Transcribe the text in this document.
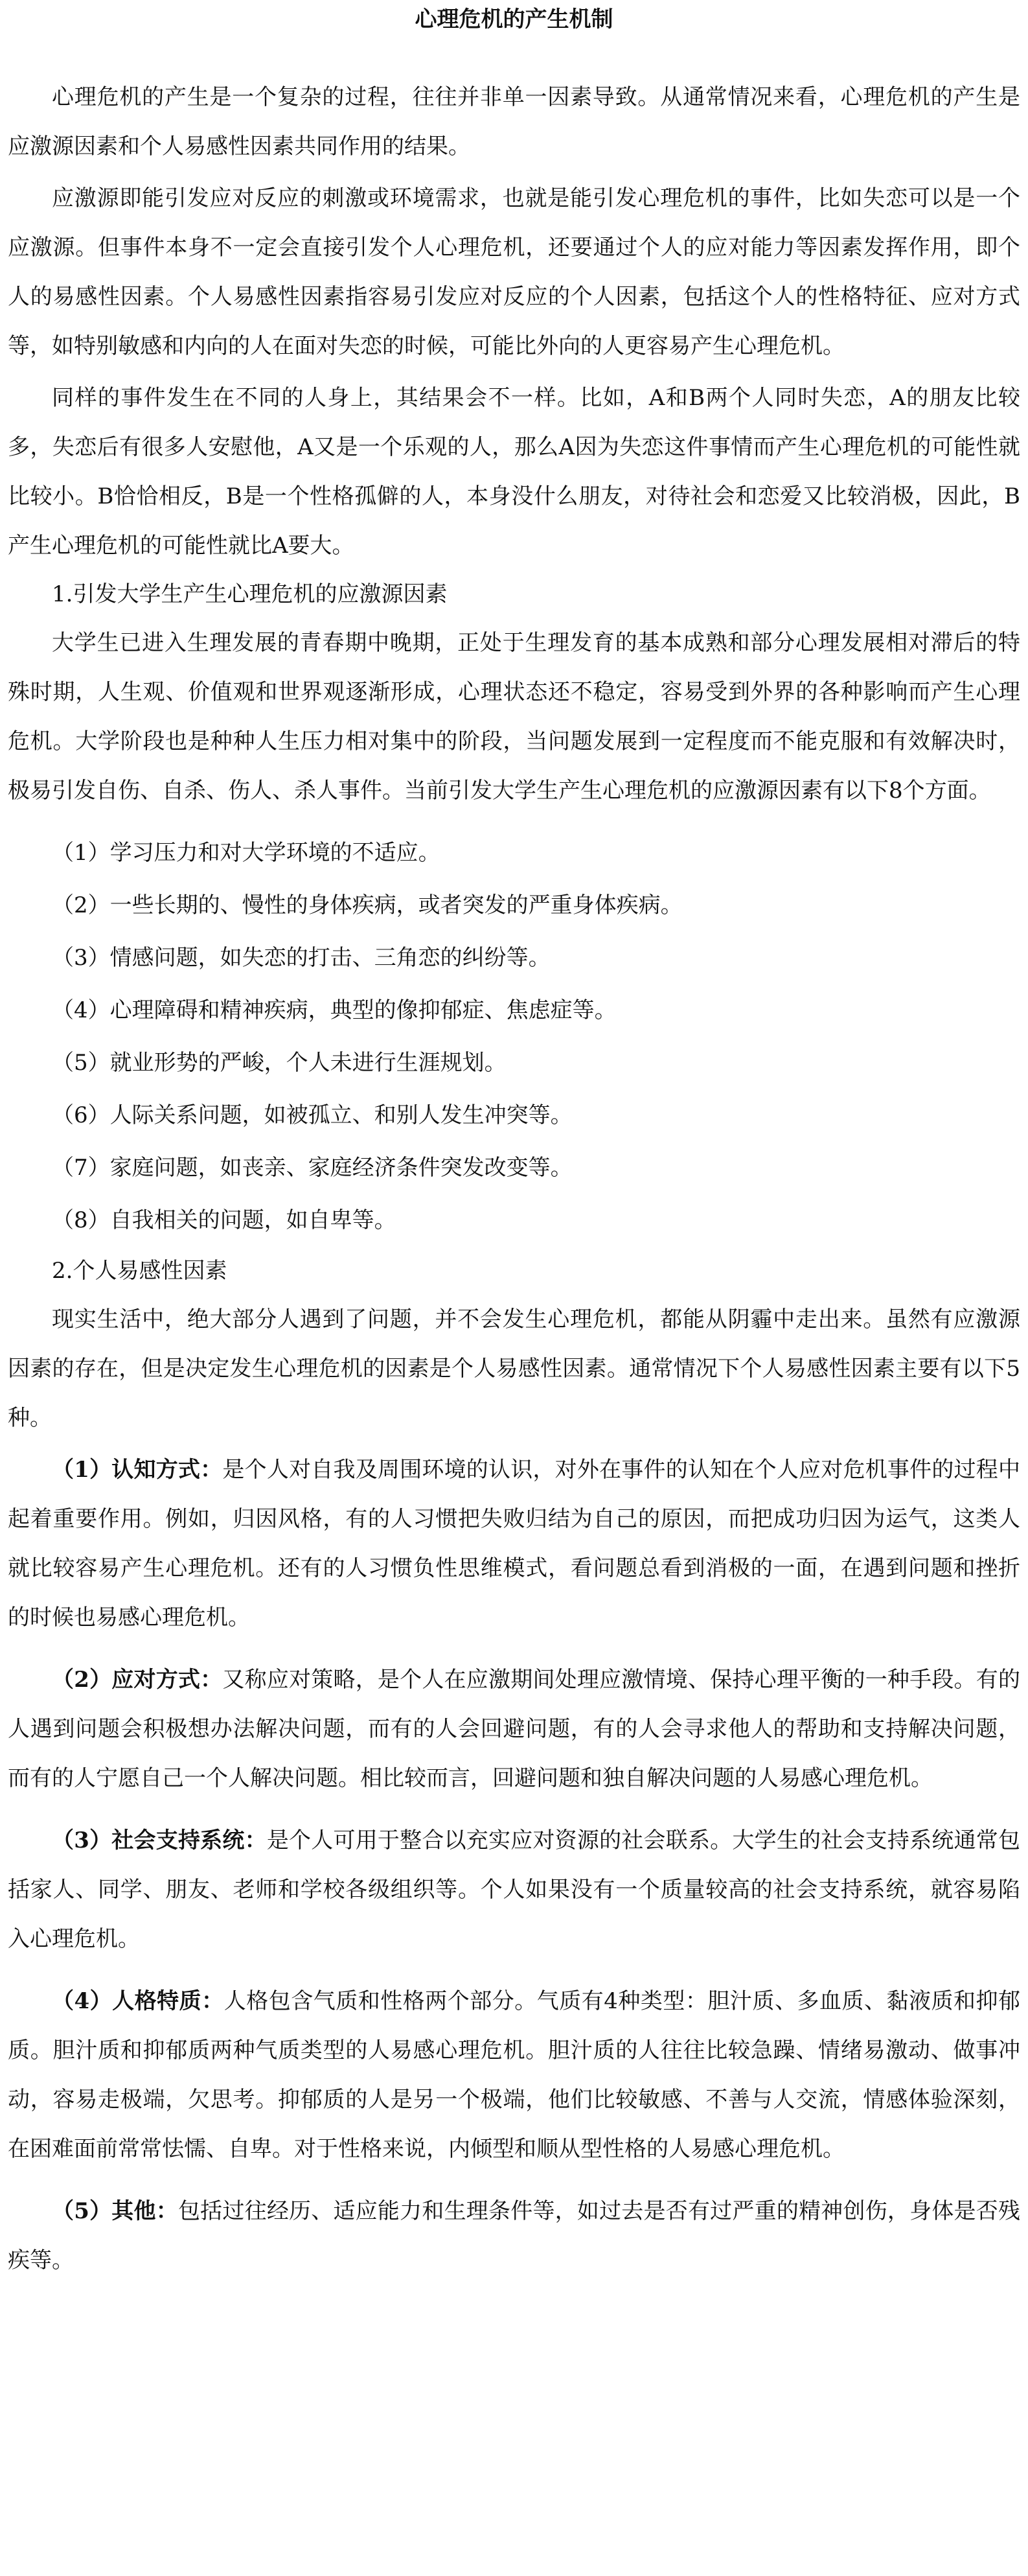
心理危机的产生机制

心理危机的产生是一个复杂的过程，往往并非单一因素导致。从通常情况来看，心理危机的产生是应激源因素和个人易感性因素共同作用的结果。

应激源即能引发应对反应的刺激或环境需求，也就是能引发心理危机的事件，比如失恋可以是一个应激源。但事件本身不一定会直接引发个人心理危机，还要通过个人的应对能力等因素发挥作用，即个人的易感性因素。个人易感性因素指容易引发应对反应的个人因素，包括这个人的性格特征、应对方式等，如特别敏感和内向的人在面对失恋的时候，可能比外向的人更容易产生心理危机。

同样的事件发生在不同的人身上，其结果会不一样。比如，A和B两个人同时失恋，A的朋友比较多，失恋后有很多人安慰他，A又是一个乐观的人，那么A因为失恋这件事情而产生心理危机的可能性就比较小。B恰恰相反，B是一个性格孤僻的人，本身没什么朋友，对待社会和恋爱又比较消极，因此，B产生心理危机的可能性就比A要大。

1.引发大学生产生心理危机的应激源因素

大学生已进入生理发展的青春期中晚期，正处于生理发育的基本成熟和部分心理发展相对滞后的特殊时期，人生观、价值观和世界观逐渐形成，心理状态还不稳定，容易受到外界的各种影响而产生心理危机。大学阶段也是种种人生压力相对集中的阶段，当问题发展到一定程度而不能克服和有效解决时，极易引发自伤、自杀、伤人、杀人事件。当前引发大学生产生心理危机的应激源因素有以下8个方面。

（1）学习压力和对大学环境的不适应。

（2）一些长期的、慢性的身体疾病，或者突发的严重身体疾病。

（3）情感问题，如失恋的打击、三角恋的纠纷等。

（4）心理障碍和精神疾病，典型的像抑郁症、焦虑症等。

（5）就业形势的严峻，个人未进行生涯规划。

（6）人际关系问题，如被孤立、和别人发生冲突等。

（7）家庭问题，如丧亲、家庭经济条件突发改变等。

（8）自我相关的问题，如自卑等。

2.个人易感性因素

现实生活中，绝大部分人遇到了问题，并不会发生心理危机，都能从阴霾中走出来。虽然有应激源因素的存在，但是决定发生心理危机的因素是个人易感性因素。通常情况下个人易感性因素主要有以下5种。

（1）认知方式：是个人对自我及周围环境的认识，对外在事件的认知在个人应对危机事件的过程中起着重要作用。例如，归因风格，有的人习惯把失败归结为自己的原因，而把成功归因为运气，这类人就比较容易产生心理危机。还有的人习惯负性思维模式，看问题总看到消极的一面，在遇到问题和挫折的时候也易感心理危机。

（2）应对方式：又称应对策略，是个人在应激期间处理应激情境、保持心理平衡的一种手段。有的人遇到问题会积极想办法解决问题，而有的人会回避问题，有的人会寻求他人的帮助和支持解决问题，而有的人宁愿自己一个人解决问题。相比较而言，回避问题和独自解决问题的人易感心理危机。

（3）社会支持系统：是个人可用于整合以充实应对资源的社会联系。大学生的社会支持系统通常包括家人、同学、朋友、老师和学校各级组织等。个人如果没有一个质量较高的社会支持系统，就容易陷入心理危机。

（4）人格特质：人格包含气质和性格两个部分。气质有4种类型：胆汁质、多血质、黏液质和抑郁质。胆汁质和抑郁质两种气质类型的人易感心理危机。胆汁质的人往往比较急躁、情绪易激动、做事冲动，容易走极端，欠思考。抑郁质的人是另一个极端，他们比较敏感、不善与人交流，情感体验深刻，在困难面前常常怯懦、自卑。对于性格来说，内倾型和顺从型性格的人易感心理危机。

（5）其他：包括过往经历、适应能力和生理条件等，如过去是否有过严重的精神创伤，身体是否残疾等。
